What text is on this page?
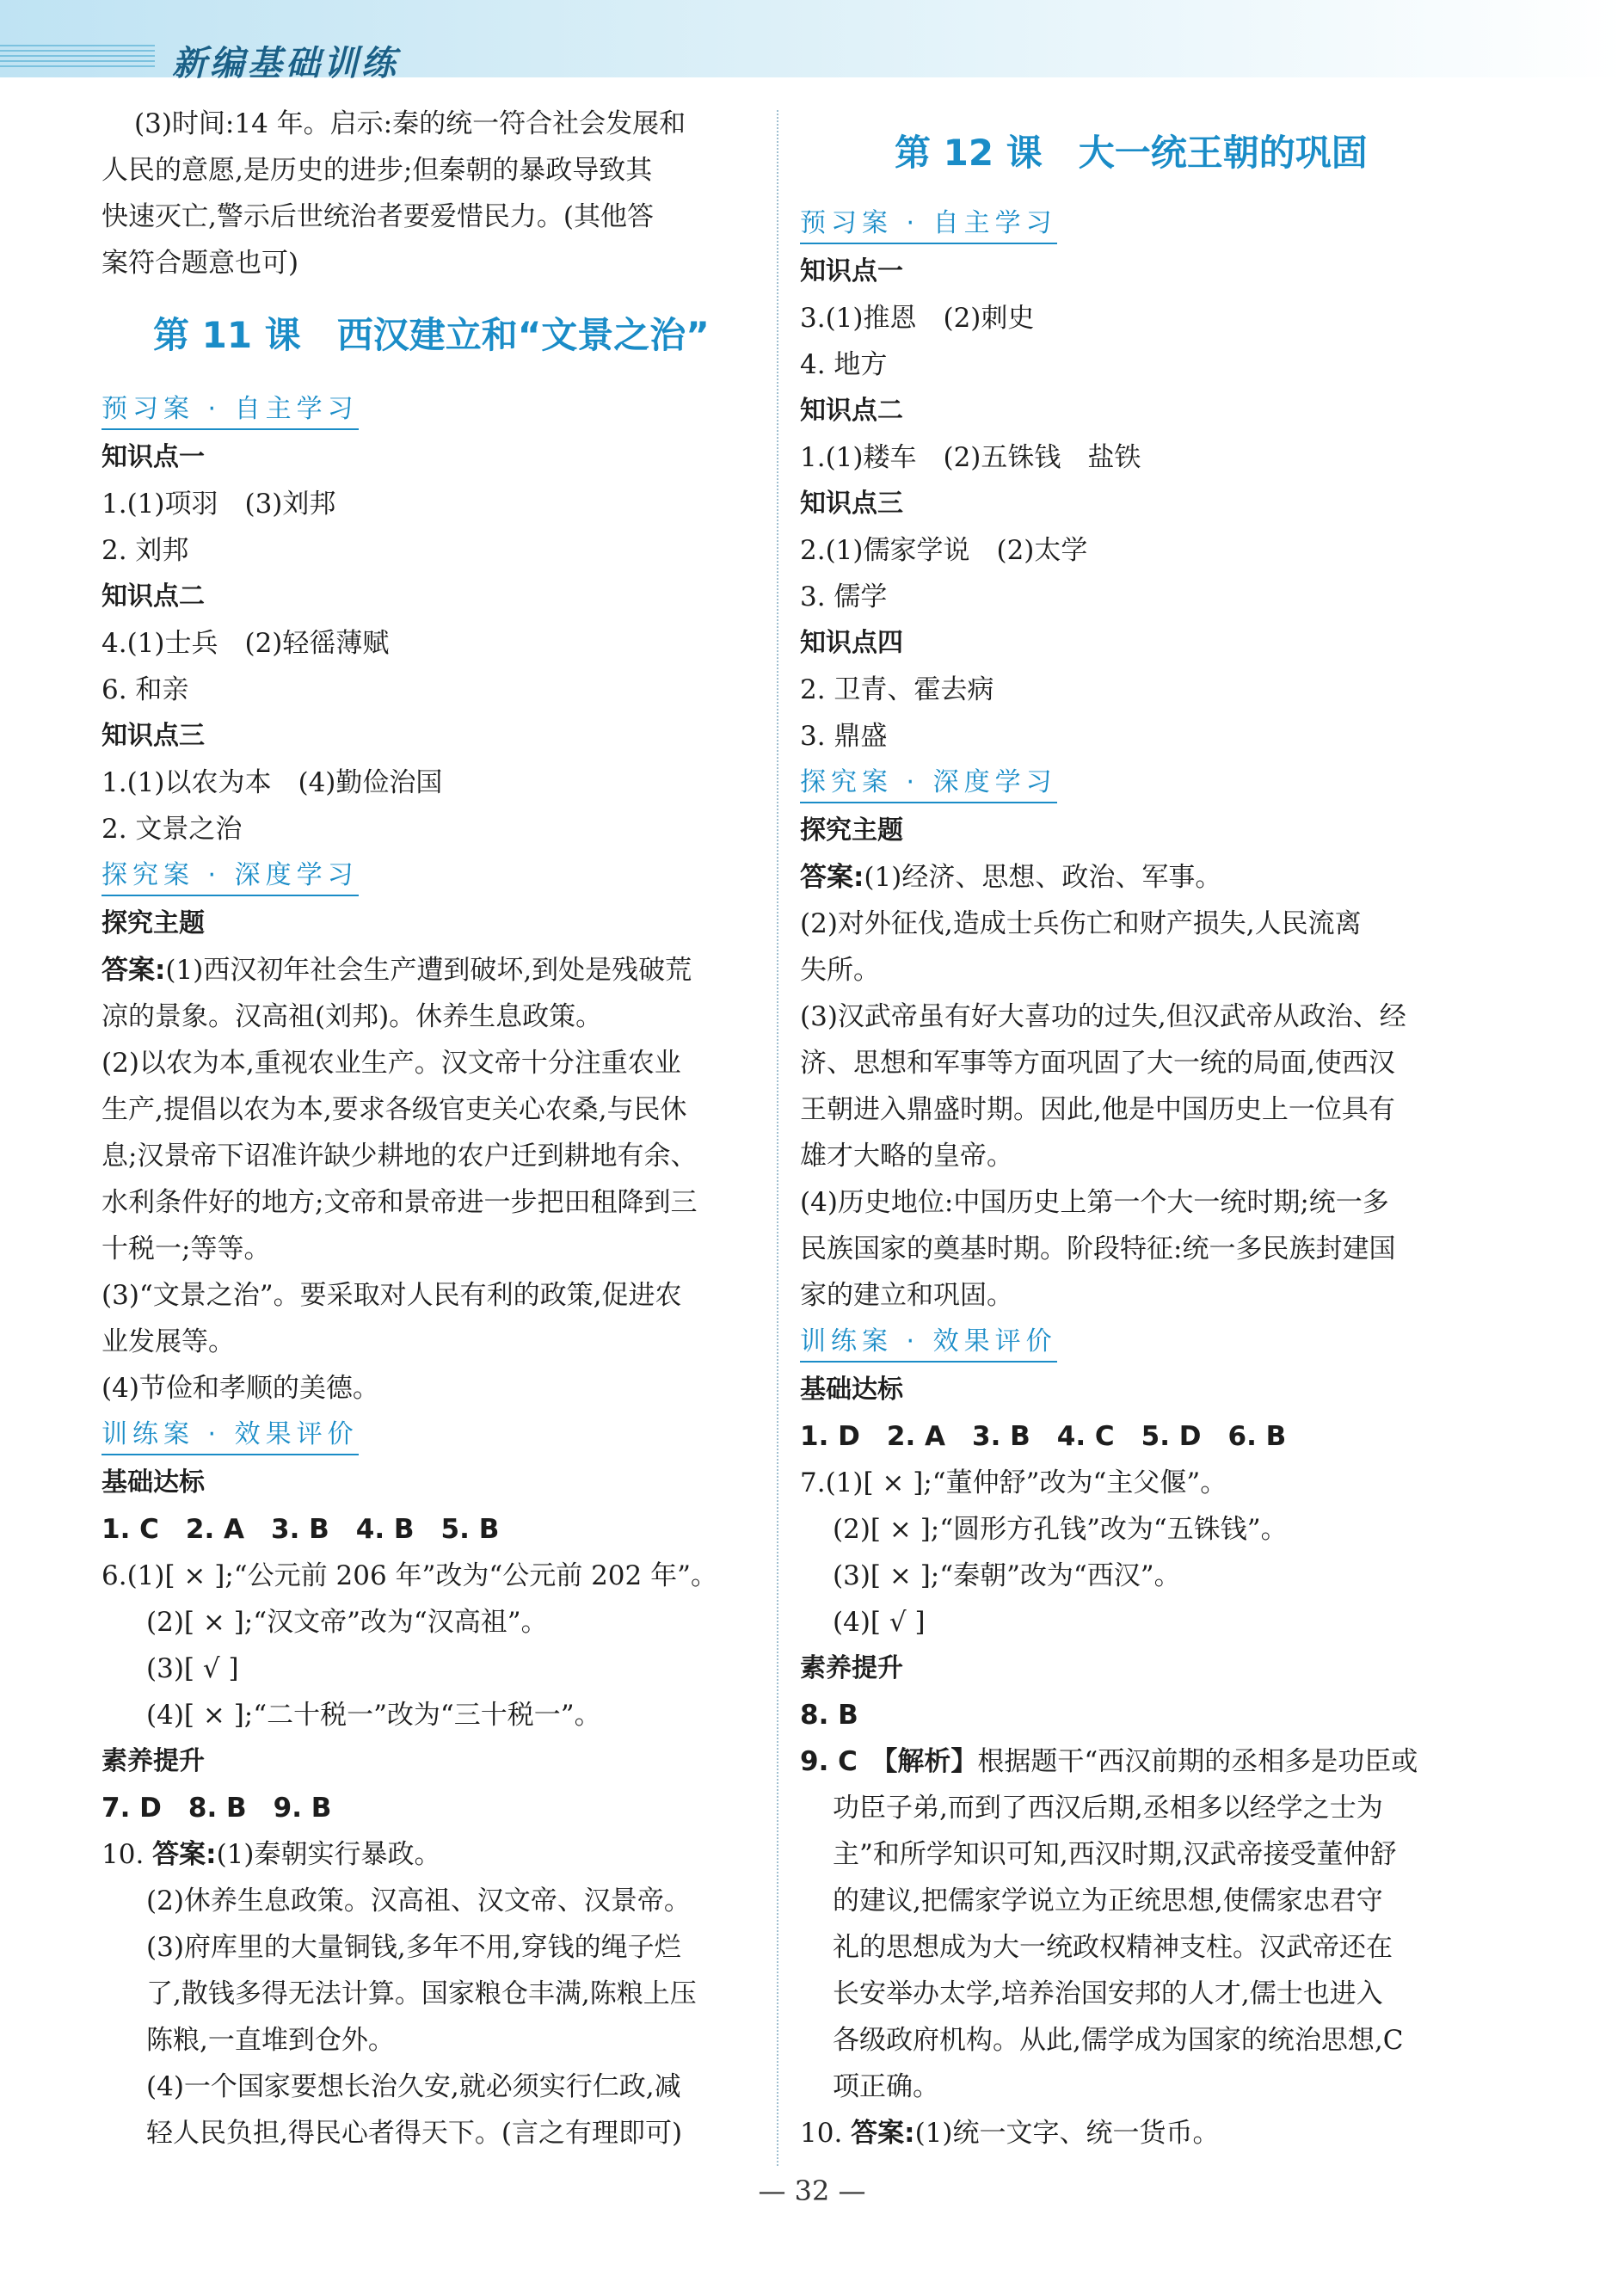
新编基础训练
(3)时间:14 年。启示:秦的统一符合社会发展和
人民的意愿,是历史的进步;但秦朝的暴政导致其
快速灭亡,警示后世统治者要爱惜民力。(其他答
案符合题意也可)
第 11 课　西汉建立和“文景之治”
预习案 · 自主学习
知识点一
1.(1)项羽　(3)刘邦
2. 刘邦
知识点二
4.(1)士兵　(2)轻徭薄赋
6. 和亲
知识点三
1.(1)以农为本　(4)勤俭治国
2. 文景之治
探究案 · 深度学习
探究主题
答案:(1)西汉初年社会生产遭到破坏,到处是残破荒
凉的景象。汉高祖(刘邦)。休养生息政策。
(2)以农为本,重视农业生产。汉文帝十分注重农业
生产,提倡以农为本,要求各级官吏关心农桑,与民休
息;汉景帝下诏准许缺少耕地的农户迁到耕地有余、
水利条件好的地方;文帝和景帝进一步把田租降到三
十税一;等等。
(3)“文景之治”。要采取对人民有利的政策,促进农
业发展等。
(4)节俭和孝顺的美德。
训练案 · 效果评价
基础达标
1. C　2. A　3. B　4. B　5. B
6.(1)[ × ];“公元前 206 年”改为“公元前 202 年”。
(2)[ × ];“汉文帝”改为“汉高祖”。
(3)[ √ ]
(4)[ × ];“二十税一”改为“三十税一”。
素养提升
7. D　8. B　9. B
10. 答案:(1)秦朝实行暴政。
(2)休养生息政策。汉高祖、汉文帝、汉景帝。
(3)府库里的大量铜钱,多年不用,穿钱的绳子烂
了,散钱多得无法计算。国家粮仓丰满,陈粮上压
陈粮,一直堆到仓外。
(4)一个国家要想长治久安,就必须实行仁政,减
轻人民负担,得民心者得天下。(言之有理即可)
第 12 课　大一统王朝的巩固
预习案 · 自主学习
知识点一
3.(1)推恩　(2)刺史
4. 地方
知识点二
1.(1)耧车　(2)五铢钱　盐铁
知识点三
2.(1)儒家学说　(2)太学
3. 儒学
知识点四
2. 卫青、霍去病
3. 鼎盛
探究案 · 深度学习
探究主题
答案:(1)经济、思想、政治、军事。
(2)对外征伐,造成士兵伤亡和财产损失,人民流离
失所。
(3)汉武帝虽有好大喜功的过失,但汉武帝从政治、经
济、思想和军事等方面巩固了大一统的局面,使西汉
王朝进入鼎盛时期。因此,他是中国历史上一位具有
雄才大略的皇帝。
(4)历史地位:中国历史上第一个大一统时期;统一多
民族国家的奠基时期。阶段特征:统一多民族封建国
家的建立和巩固。
训练案 · 效果评价
基础达标
1. D　2. A　3. B　4. C　5. D　6. B
7.(1)[ × ];“董仲舒”改为“主父偃”。
(2)[ × ];“圆形方孔钱”改为“五铢钱”。
(3)[ × ];“秦朝”改为“西汉”。
(4)[ √ ]
素养提升
8. B
9. C　【解析】根据题干“西汉前期的丞相多是功臣或
功臣子弟,而到了西汉后期,丞相多以经学之士为
主”和所学知识可知,西汉时期,汉武帝接受董仲舒
的建议,把儒家学说立为正统思想,使儒家忠君守
礼的思想成为大一统政权精神支柱。汉武帝还在
长安举办太学,培养治国安邦的人才,儒士也进入
各级政府机构。从此,儒学成为国家的统治思想,C
项正确。
10. 答案:(1)统一文字、统一货币。
— 32 —
